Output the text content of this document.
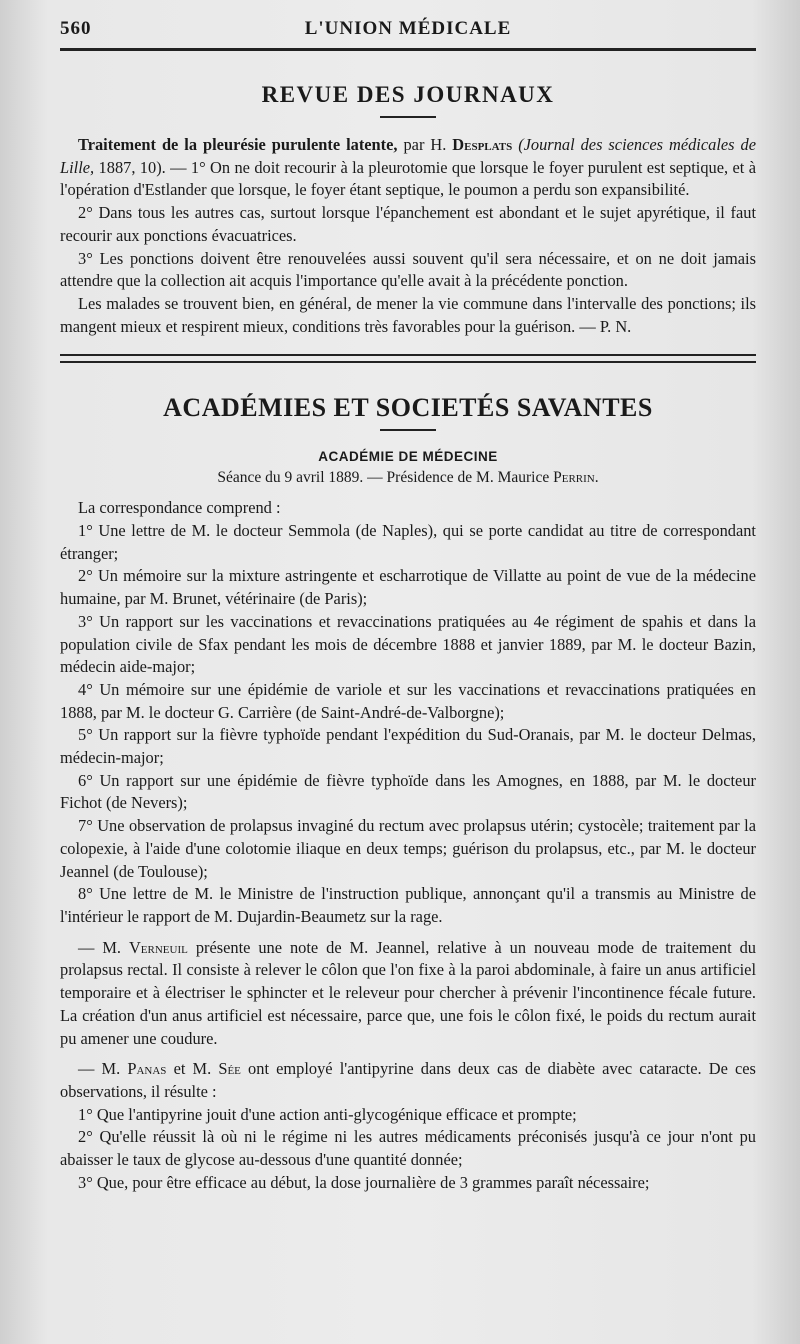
560	L'UNION MÉDICALE
REVUE DES JOURNAUX

Traitement de la pleurésie purulente latente, par H. Desplats (Journal des sciences médicales de Lille, 1887, 10). — 1° On ne doit recourir à la pleurotomie que lorsque le foyer purulent est septique, et à l'opération d'Estlander que lorsque, le foyer étant septique, le poumon a perdu son expansibilité.

2° Dans tous les autres cas, surtout lorsque l'épanchement est abondant et le sujet apyrétique, il faut recourir aux ponctions évacuatrices.

3° Les ponctions doivent être renouvelées aussi souvent qu'il sera nécessaire, et on ne doit jamais attendre que la collection ait acquis l'importance qu'elle avait à la précédente ponction.

Les malades se trouvent bien, en général, de mener la vie commune dans l'intervalle des ponctions; ils mangent mieux et respirent mieux, conditions très favorables pour la guérison. — P. N.

ACADÉMIES ET SOCIETÉS SAVANTES
ACADÉMIE DE MÉDECINE
Séance du 9 avril 1889. — Présidence de M. Maurice Perrin.

La correspondance comprend :

1° Une lettre de M. le docteur Semmola (de Naples), qui se porte candidat au titre de correspondant étranger;

2° Un mémoire sur la mixture astringente et escharrotique de Villatte au point de vue de la médecine humaine, par M. Brunet, vétérinaire (de Paris);

3° Un rapport sur les vaccinations et revaccinations pratiquées au 4e régiment de spahis et dans la population civile de Sfax pendant les mois de décembre 1888 et janvier 1889, par M. le docteur Bazin, médecin aide-major;

4° Un mémoire sur une épidémie de variole et sur les vaccinations et revaccinations pratiquées en 1888, par M. le docteur G. Carrière (de Saint-André-de-Valborgne);

5° Un rapport sur la fièvre typhoïde pendant l'expédition du Sud-Oranais, par M. le docteur Delmas, médecin-major;

6° Un rapport sur une épidémie de fièvre typhoïde dans les Amognes, en 1888, par M. le docteur Fichot (de Nevers);

7° Une observation de prolapsus invaginé du rectum avec prolapsus utérin; cystocèle; traitement par la colopexie, à l'aide d'une colotomie iliaque en deux temps; guérison du prolapsus, etc., par M. le docteur Jeannel (de Toulouse);

8° Une lettre de M. le Ministre de l'instruction publique, annonçant qu'il a transmis au Ministre de l'intérieur le rapport de M. Dujardin-Beaumetz sur la rage.

— M. Verneuil présente une note de M. Jeannel, relative à un nouveau mode de traitement du prolapsus rectal. Il consiste à relever le côlon que l'on fixe à la paroi abdominale, à faire un anus artificiel temporaire et à électriser le sphincter et le releveur pour chercher à prévenir l'incontinence fécale future. La création d'un anus artificiel est nécessaire, parce que, une fois le côlon fixé, le poids du rectum aurait pu amener une coudure.

— M. Panas et M. Sée ont employé l'antipyrine dans deux cas de diabète avec cataracte. De ces observations, il résulte :

1° Que l'antipyrine jouit d'une action anti-glycogénique efficace et prompte;

2° Qu'elle réussit là où ni le régime ni les autres médicaments préconisés jusqu'à ce jour n'ont pu abaisser le taux de glycose au-dessous d'une quantité donnée;

3° Que, pour être efficace au début, la dose journalière de 3 grammes paraît nécessaire;
